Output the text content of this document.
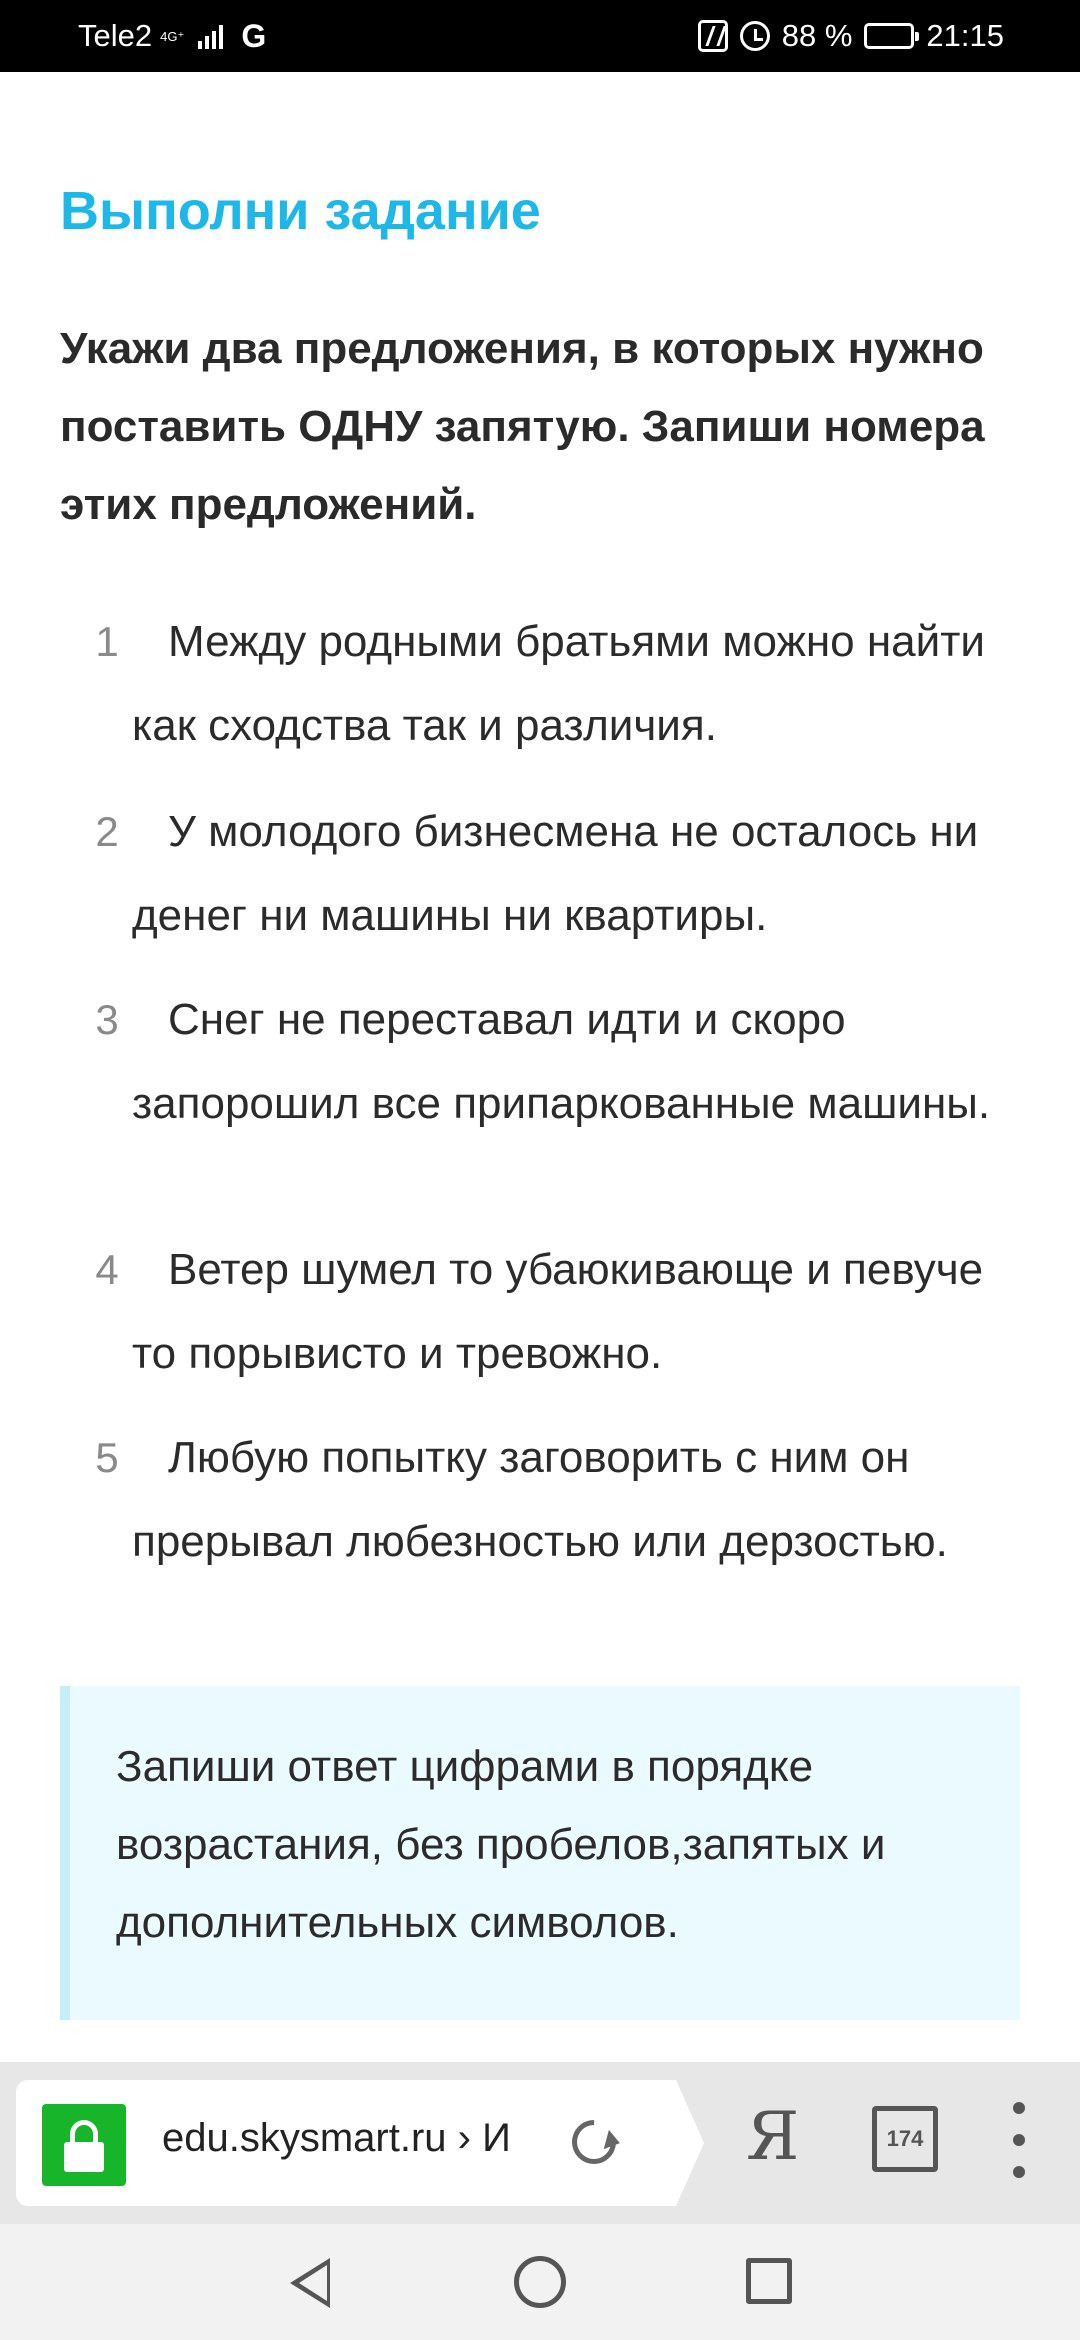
Tele2 4G⁺ G	88 % 21:15
Выполни задание

Укажи два предложения, в которых нужно поставить ОДНУ запятую. Запиши номера этих предложений.

1	Между родными братьями можно найти как сходства так и различия.
2	У молодого бизнесмена не осталось ни денег ни машины ни квартиры.
3	Снег не переставал идти и скоро запорошил все припаркованные машины.
4	Ветер шумел то убаюкивающе и певуче то порывисто и тревожно.
5	Любую попытку заговорить с ним он прерывал любезностью или дерзостью.

Запиши ответ цифрами в порядке возрастания, без пробелов,запятых и дополнительных символов.

edu.skysmart.ru › И	Я	174
